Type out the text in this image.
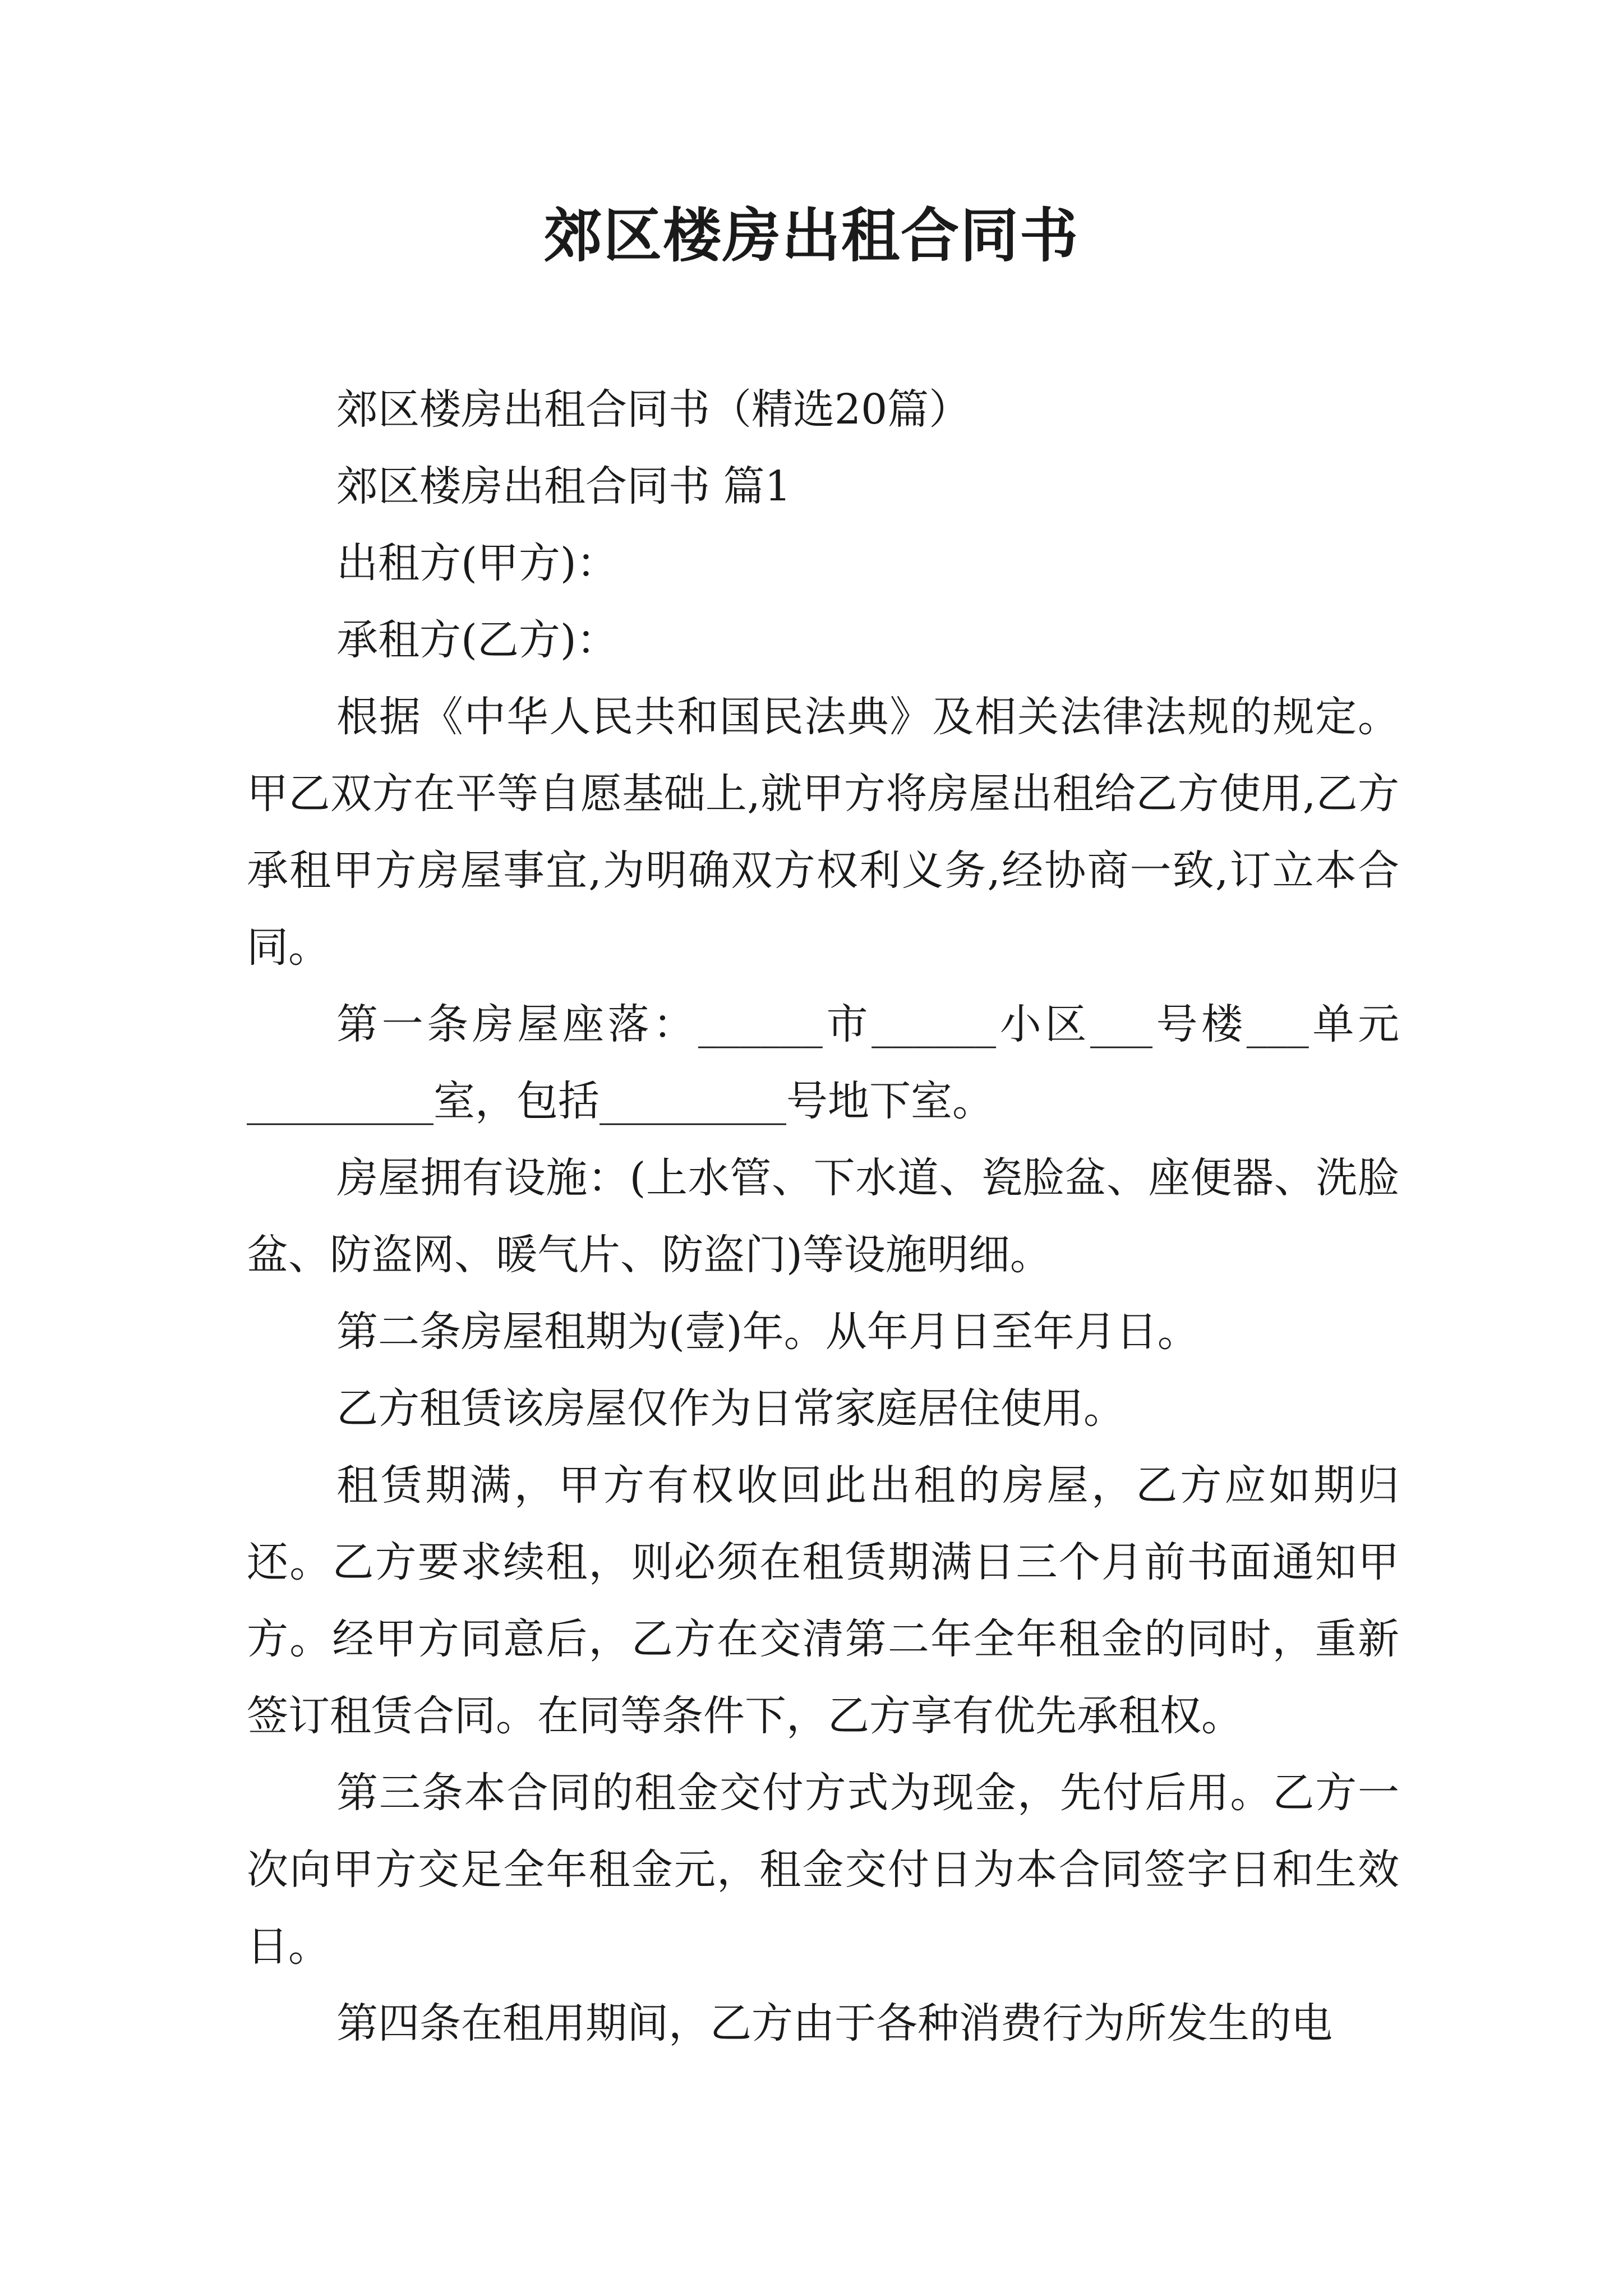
郊区楼房出租合同书

郊区楼房出租合同书（精选20篇）

郊区楼房出租合同书 篇1

出租方(甲方)：

承租方(乙方)：

根据《中华人民共和国民法典》及相关法律法规的规定。甲乙双方在平等自愿基础上,就甲方将房屋出租给乙方使用,乙方承租甲方房屋事宜,为明确双方权利义务,经协商一致,订立本合同。

第一条房屋座落：______市______小区___号楼___单元_________室，包括_________号地下室。

房屋拥有设施：(上水管、下水道、瓷脸盆、座便器、洗脸盆、防盗网、暖气片、防盗门)等设施明细。

第二条房屋租期为(壹)年。从年月日至年月日。

乙方租赁该房屋仅作为日常家庭居住使用。

租赁期满，甲方有权收回此出租的房屋，乙方应如期归还。乙方要求续租，则必须在租赁期满日三个月前书面通知甲方。经甲方同意后，乙方在交清第二年全年租金的同时，重新签订租赁合同。在同等条件下，乙方享有优先承租权。

第三条本合同的租金交付方式为现金，先付后用。乙方一次向甲方交足全年租金元，租金交付日为本合同签字日和生效日。

第四条在租用期间，乙方由于各种消费行为所发生的电
